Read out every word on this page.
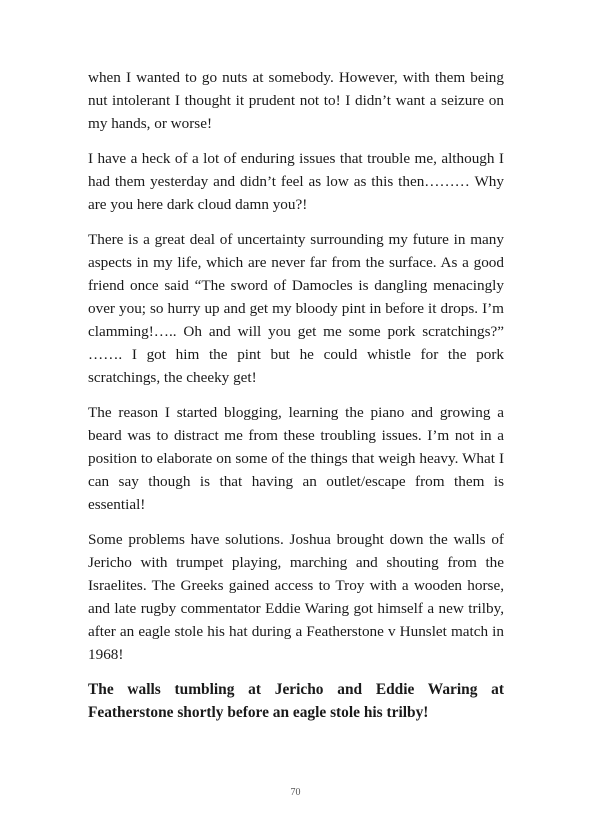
when I wanted to go nuts at somebody. However, with them being nut intolerant I thought it prudent not to! I didn’t want a seizure on my hands, or worse!

I have a heck of a lot of enduring issues that trouble me, although I had them yesterday and didn’t feel as low as this then……… Why are you here dark cloud damn you?!

There is a great deal of uncertainty surrounding my future in many aspects in my life, which are never far from the surface. As a good friend once said “The sword of Damocles is dangling menacingly over you; so hurry up and get my bloody pint in before it drops. I’m clamming!….. Oh and will you get me some pork scratchings?” ……. I got him the pint but he could whistle for the pork scratchings, the cheeky get!

The reason I started blogging, learning the piano and growing a beard was to distract me from these troubling issues. I’m not in a position to elaborate on some of the things that weigh heavy. What I can say though is that having an outlet/escape from them is essential!

Some problems have solutions. Joshua brought down the walls of Jericho with trumpet playing, marching and shouting from the Israelites. The Greeks gained access to Troy with a wooden horse, and late rugby commentator Eddie Waring got himself a new trilby, after an eagle stole his hat during a Featherstone v Hunslet match in 1968!

The walls tumbling at Jericho and Eddie Waring at Featherstone shortly before an eagle stole his trilby!

70
